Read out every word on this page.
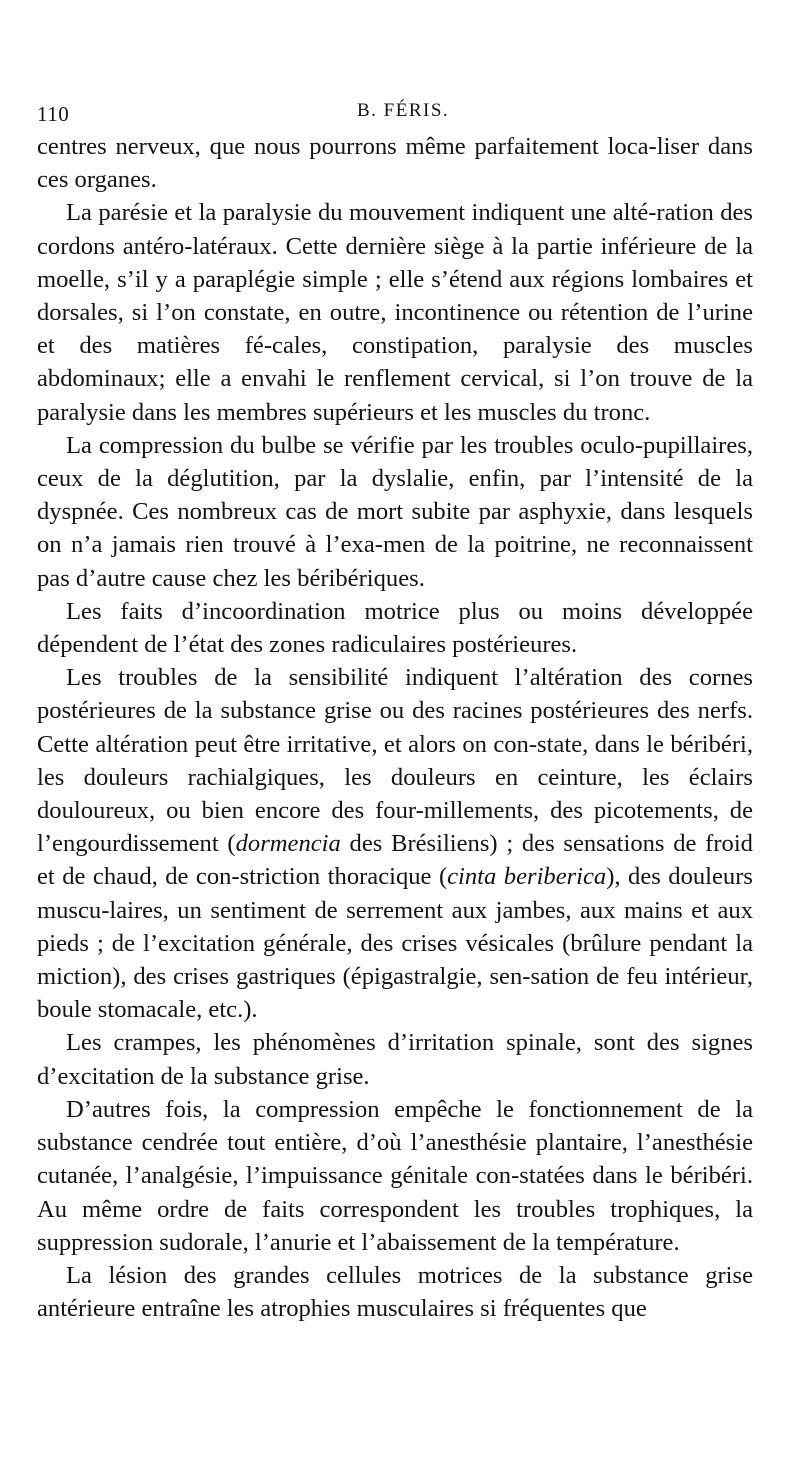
110	B. FÉRIS.

centres nerveux, que nous pourrons même parfaitement loca-liser dans ces organes.

La parésie et la paralysie du mouvement indiquent une alté-ration des cordons antéro-latéraux. Cette dernière siège à la partie inférieure de la moelle, s’il y a paraplégie simple ; elle s’étend aux régions lombaires et dorsales, si l’on constate, en outre, incontinence ou rétention de l’urine et des matières fé-cales, constipation, paralysie des muscles abdominaux; elle a envahi le renflement cervical, si l’on trouve de la paralysie dans les membres supérieurs et les muscles du tronc.

La compression du bulbe se vérifie par les troubles oculo-pupillaires, ceux de la déglutition, par la dyslalie, enfin, par l’intensité de la dyspnée. Ces nombreux cas de mort subite par asphyxie, dans lesquels on n’a jamais rien trouvé à l’exa-men de la poitrine, ne reconnaissent pas d’autre cause chez les béribériques.

Les faits d’incoordination motrice plus ou moins développée dépendent de l’état des zones radiculaires postérieures.

Les troubles de la sensibilité indiquent l’altération des cornes postérieures de la substance grise ou des racines postérieures des nerfs. Cette altération peut être irritative, et alors on con-state, dans le béribéri, les douleurs rachialgiques, les douleurs en ceinture, les éclairs douloureux, ou bien encore des four-millements, des picotements, de l’engourdissement (dormencia des Brésiliens) ; des sensations de froid et de chaud, de con-striction thoracique (cinta beriberica), des douleurs muscu-laires, un sentiment de serrement aux jambes, aux mains et aux pieds ; de l’excitation générale, des crises vésicales (brûlure pendant la miction), des crises gastriques (épigastralgie, sen-sation de feu intérieur, boule stomacale, etc.).

Les crampes, les phénomènes d’irritation spinale, sont des signes d’excitation de la substance grise.

D’autres fois, la compression empêche le fonctionnement de la substance cendrée tout entière, d’où l’anesthésie plantaire, l’anesthésie cutanée, l’analgésie, l’impuissance génitale con-statées dans le béribéri. Au même ordre de faits correspondent les troubles trophiques, la suppression sudorale, l’anurie et l’abaissement de la température.

La lésion des grandes cellules motrices de la substance grise antérieure entraîne les atrophies musculaires si fréquentes que
